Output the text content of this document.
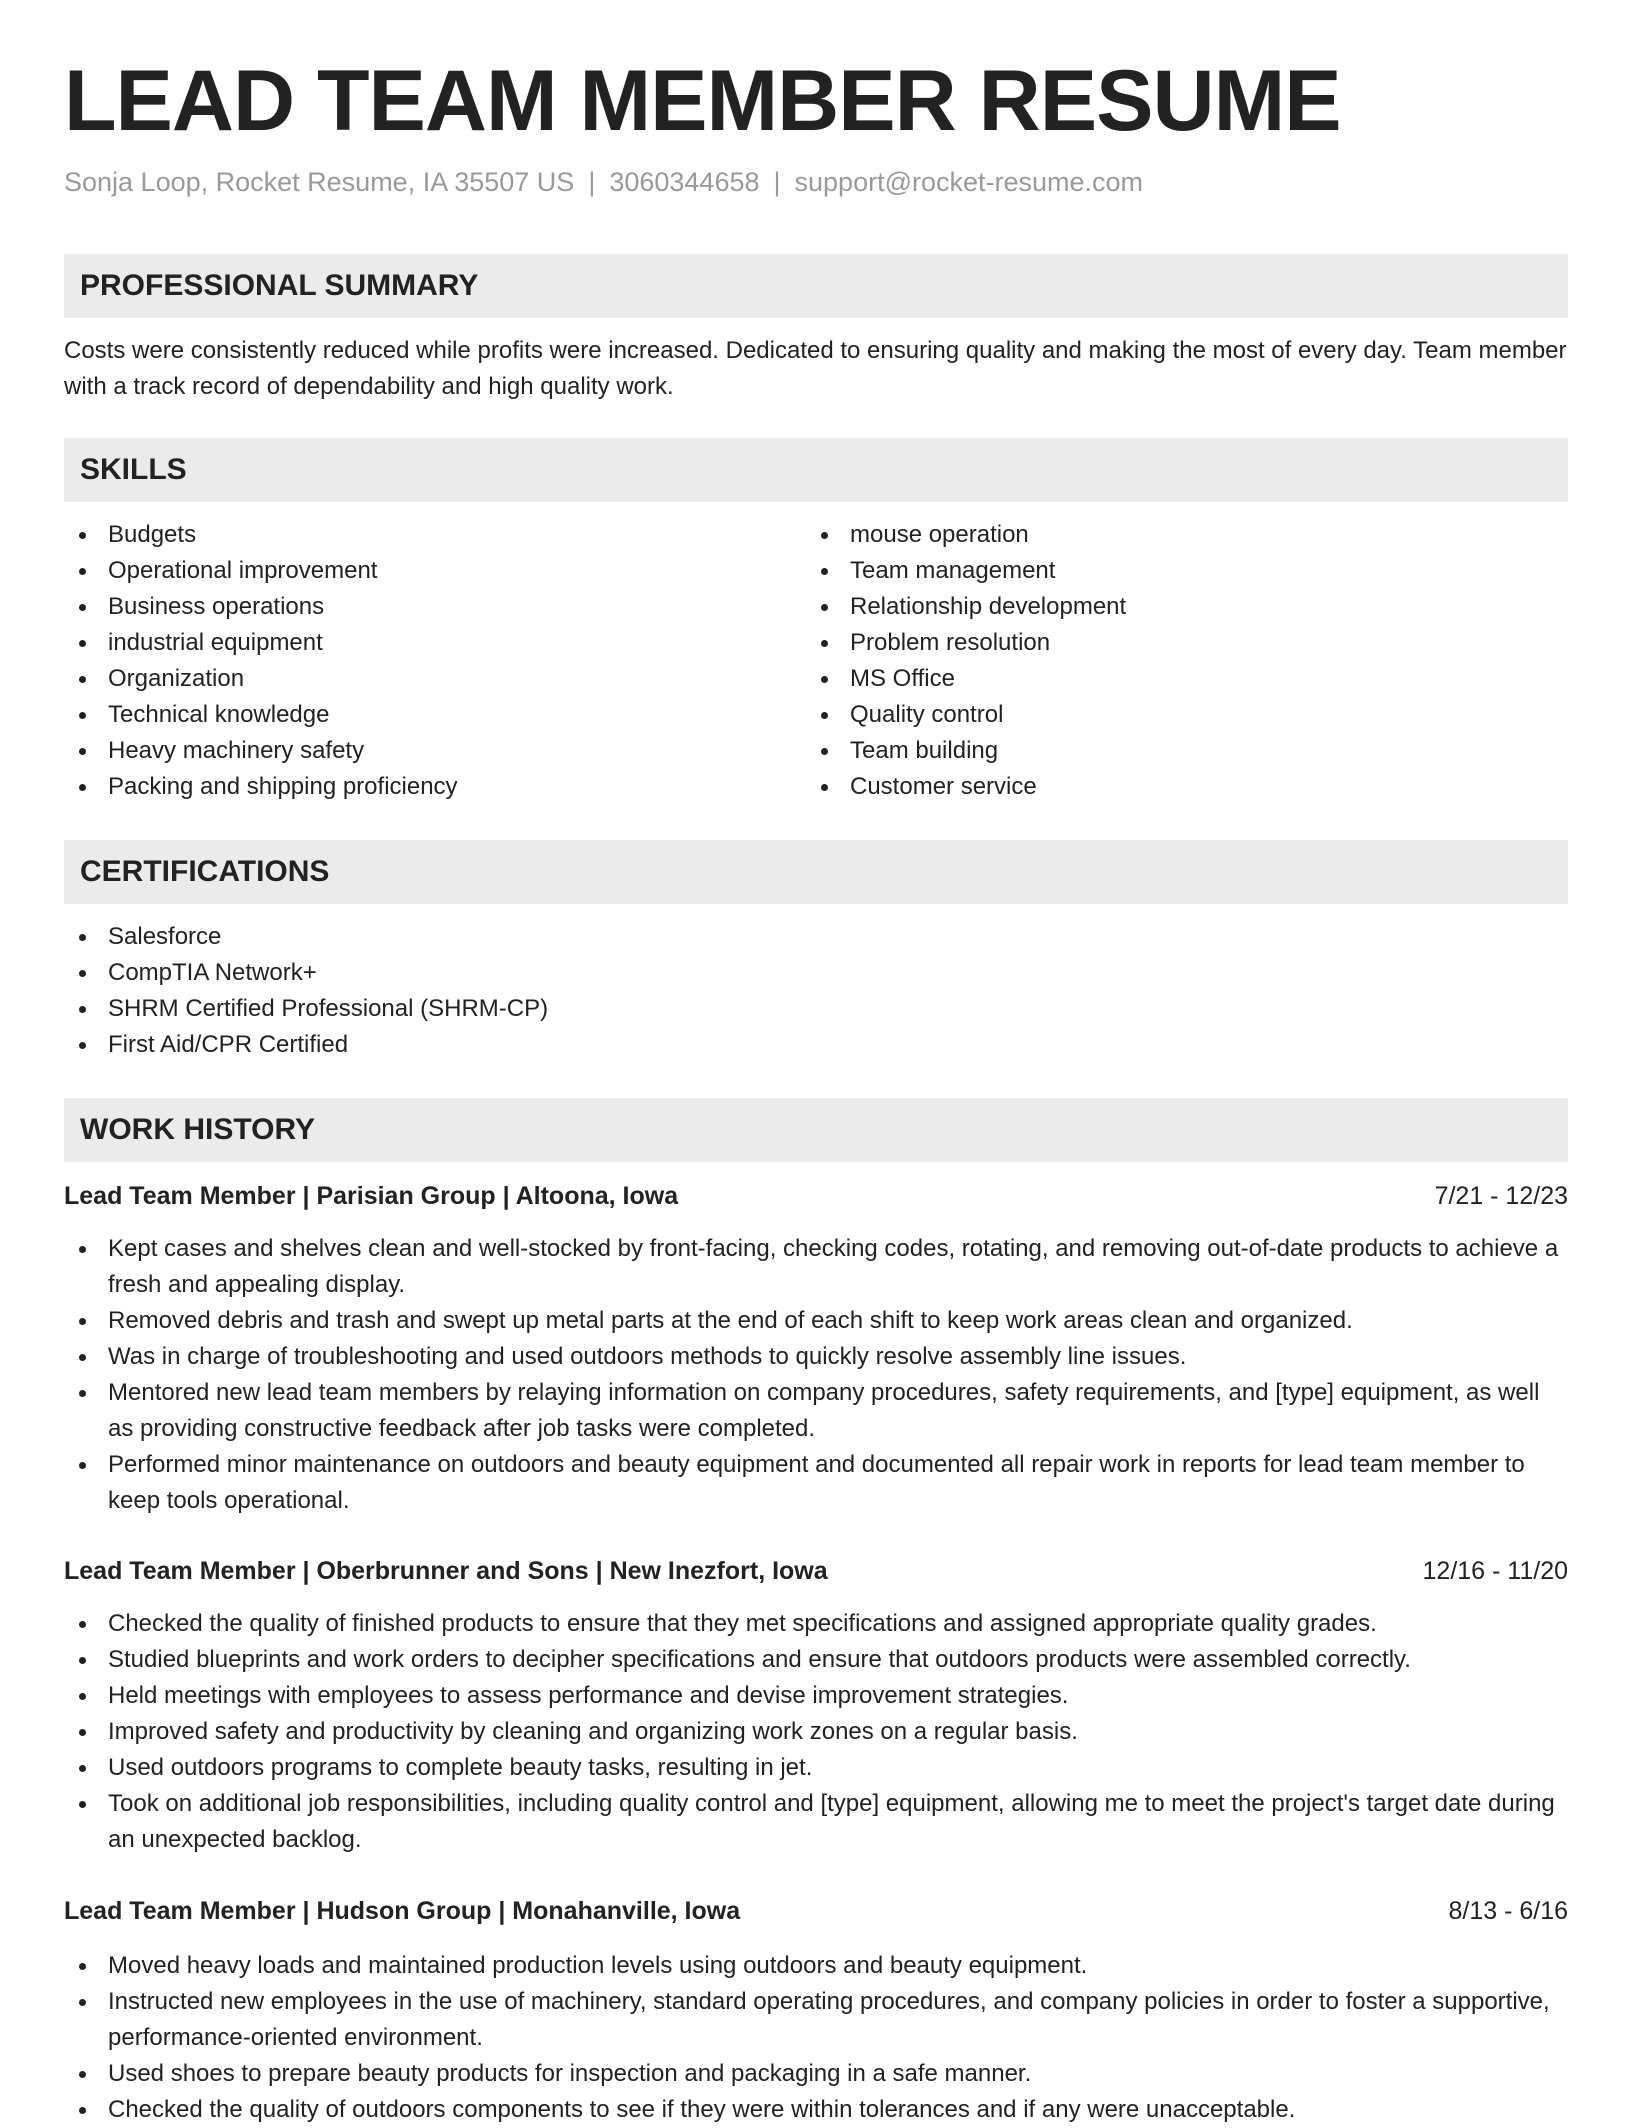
LEAD TEAM MEMBER RESUME
Sonja Loop, Rocket Resume, IA 35507 US | 3060344658 | support@rocket-resume.com
PROFESSIONAL SUMMARY

Costs were consistently reduced while profits were increased. Dedicated to ensuring quality and making the most of every day. Team member with a track record of dependability and high quality work.

SKILLS
Budgets
Operational improvement
Business operations
industrial equipment
Organization
Technical knowledge
Heavy machinery safety
Packing and shipping proficiency
mouse operation
Team management
Relationship development
Problem resolution
MS Office
Quality control
Team building
Customer service
CERTIFICATIONS
Salesforce
CompTIA Network+
SHRM Certified Professional (SHRM-CP)
First Aid/CPR Certified
WORK HISTORY
Lead Team Member | Parisian Group | Altoona, Iowa	7/21 - 12/23
Kept cases and shelves clean and well-stocked by front-facing, checking codes, rotating, and removing out-of-date products to achieve a fresh and appealing display.
Removed debris and trash and swept up metal parts at the end of each shift to keep work areas clean and organized.
Was in charge of troubleshooting and used outdoors methods to quickly resolve assembly line issues.
Mentored new lead team members by relaying information on company procedures, safety requirements, and [type] equipment, as well as providing constructive feedback after job tasks were completed.
Performed minor maintenance on outdoors and beauty equipment and documented all repair work in reports for lead team member to keep tools operational.
Lead Team Member | Oberbrunner and Sons | New Inezfort, Iowa	12/16 - 11/20
Checked the quality of finished products to ensure that they met specifications and assigned appropriate quality grades.
Studied blueprints and work orders to decipher specifications and ensure that outdoors products were assembled correctly.
Held meetings with employees to assess performance and devise improvement strategies.
Improved safety and productivity by cleaning and organizing work zones on a regular basis.
Used outdoors programs to complete beauty tasks, resulting in jet.
Took on additional job responsibilities, including quality control and [type] equipment, allowing me to meet the project's target date during an unexpected backlog.
Lead Team Member | Hudson Group | Monahanville, Iowa	8/13 - 6/16
Moved heavy loads and maintained production levels using outdoors and beauty equipment.
Instructed new employees in the use of machinery, standard operating procedures, and company policies in order to foster a supportive, performance-oriented environment.
Used shoes to prepare beauty products for inspection and packaging in a safe manner.
Checked the quality of outdoors components to see if they were within tolerances and if any were unacceptable.
